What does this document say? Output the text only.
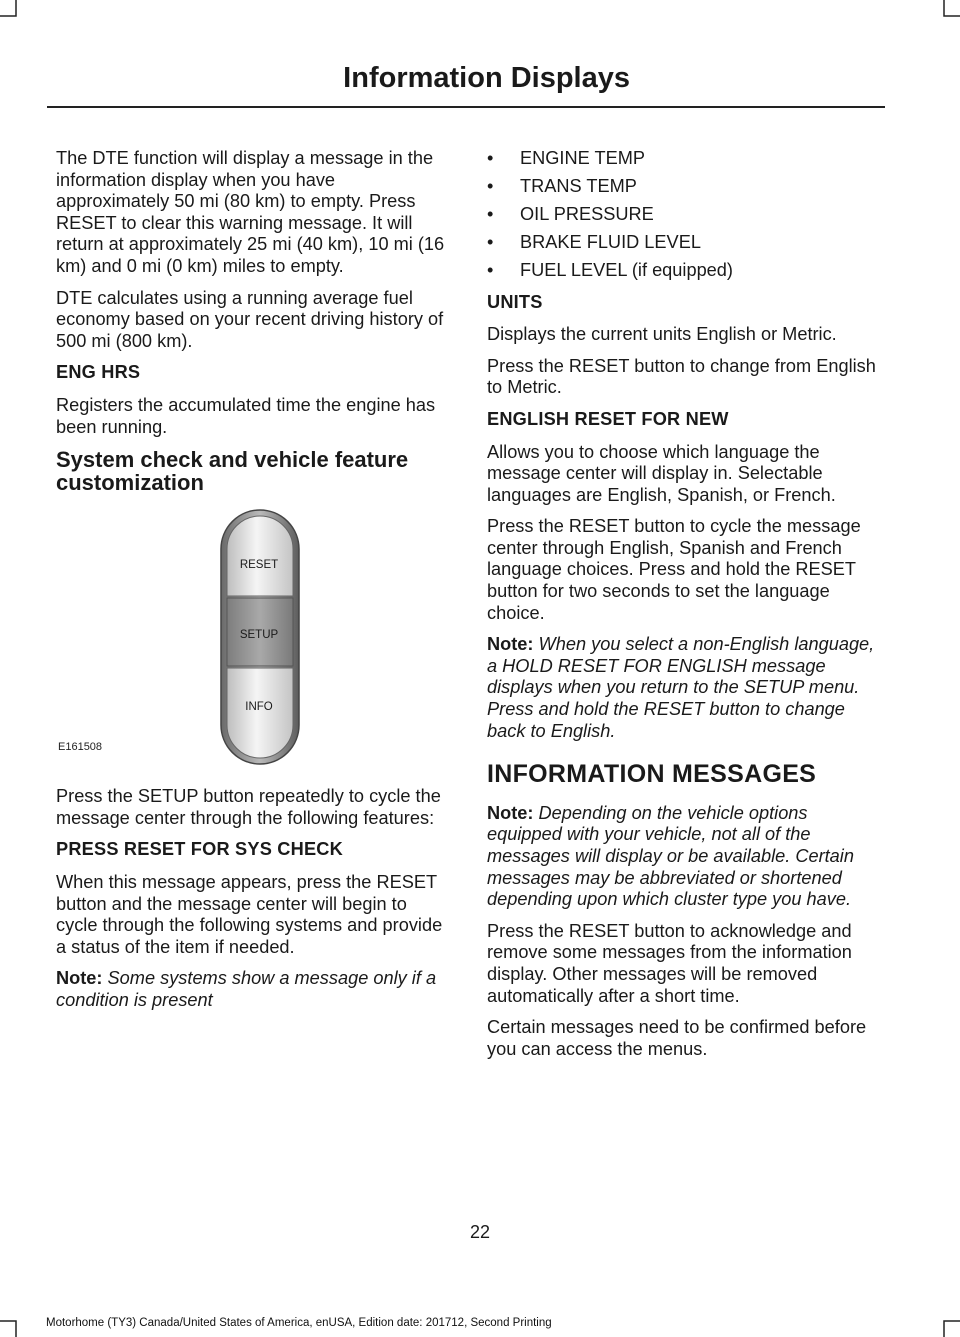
Information Displays

The DTE function will display a message in the information display when you have approximately 50 mi (80 km) to empty. Press RESET to clear this warning message. It will return at approximately 25 mi (40 km), 10 mi (16 km) and 0 mi (0 km) miles to empty.

DTE calculates using a running average fuel economy based on your recent driving history of 500 mi (800 km).

ENG HRS

Registers the accumulated time the engine has been running.

System check and vehicle feature customization
RESET
SETUP
INFO
E161508

Press the SETUP button repeatedly to cycle the message center through the following features:

PRESS RESET FOR SYS CHECK

When this message appears, press the RESET button and the message center will begin to cycle through the following systems and provide a status of the item if needed.

Note: Some systems show a message only if a condition is present

• ENGINE TEMP
• TRANS TEMP
• OIL PRESSURE
• BRAKE FLUID LEVEL
• FUEL LEVEL (if equipped)
UNITS

Displays the current units English or Metric.

Press the RESET button to change from English to Metric.

ENGLISH RESET FOR NEW

Allows you to choose which language the message center will display in. Selectable languages are English, Spanish, or French.

Press the RESET button to cycle the message center through English, Spanish and French language choices. Press and hold the RESET button for two seconds to set the language choice.

Note: When you select a non-English language, a HOLD RESET FOR ENGLISH message displays when you return to the SETUP menu. Press and hold the RESET button to change back to English.

INFORMATION MESSAGES

Note: Depending on the vehicle options equipped with your vehicle, not all of the messages will display or be available. Certain messages may be abbreviated or shortened depending upon which cluster type you have.

Press the RESET button to acknowledge and remove some messages from the information display. Other messages will be removed automatically after a short time.

Certain messages need to be confirmed before you can access the menus.

22
Motorhome (TY3) Canada/United States of America, enUSA, Edition date: 201712, Second Printing
